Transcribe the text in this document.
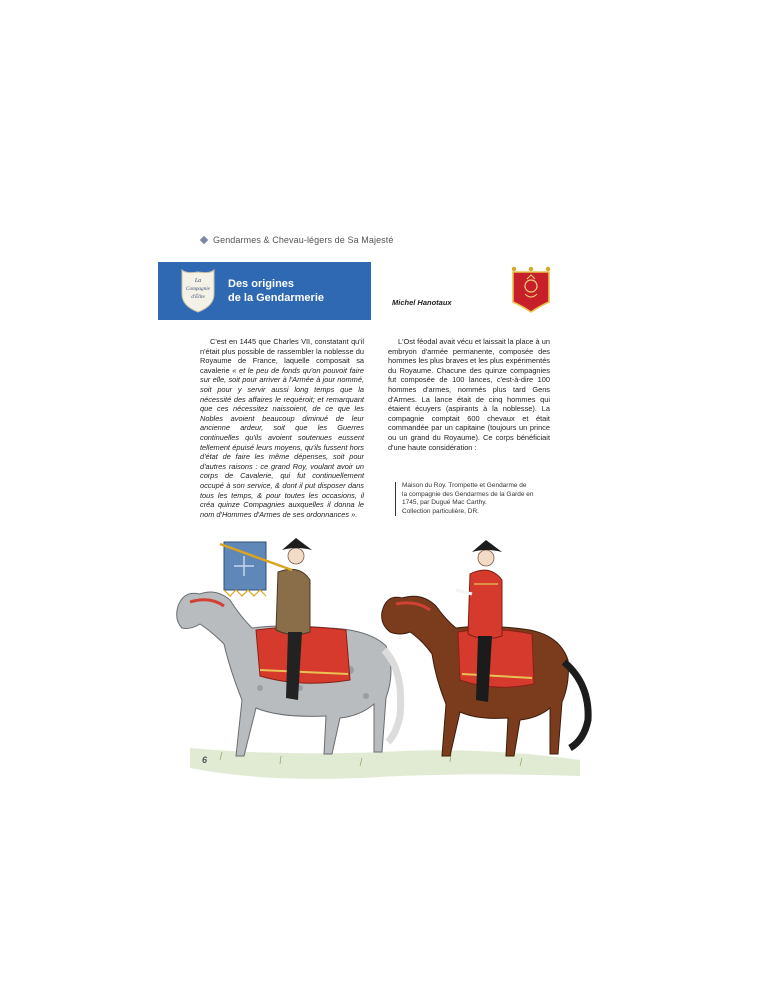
Gendarmes & Chevau-légers de Sa Majesté
La
Compagnie
d'Élite
Des origines
de la Gendarmerie	Michel Hanotaux

C'est en 1445 que Charles VII, constatant qu'il n'était plus possible de rassembler la noblesse du Royaume de France, laquelle composait sa cavalerie « et le peu de fonds qu'on pouvoit faire sur elle, soit pour arriver à l'Armée à jour nommé, soit pour y servir aussi long temps que la nécessité des affaires le requéroit; et remarquant que ces nécessitez naissoient, de ce que les Nobles avoient beaucoup diminué de leur ancienne ardeur, soit que les Guerres continuelles qu'ils avoient soutenues eussent tellement épuisé leurs moyens, qu'ils fussent hors d'état de faire les même dépenses, soit pour d'autres raisons : ce grand Roy, voulant avoir un corps de Cavalerie, qui fut continuellement occupé à son service, & dont il put disposer dans tous les temps, & pour toutes les occasions, il créa quinze Compagnies auxquelles il donna le nom d'Hommes d'Armes de ses ordonnances ».

L'Ost féodal avait vécu et laissait la place à un embryon d'armée permanente, composée des hommes les plus braves et les plus expérimentés du Royaume. Chacune des quinze compagnies fut composée de 100 lances, c'est-à-dire 100 hommes d'armes, nommés plus tard Gens d'Armes. La lance était de cinq hommes qui étaient écuyers (aspirants à la noblesse). La compagnie comptait 600 chevaux et était commandée par un capitaine (toujours un prince ou un grand du Royaume). Ce corps bénéficiait d'une haute considération :

Maison du Roy. Trompette et Gendarme de
la compagnie des Gendarmes de la Garde en
1745, par Dugué Mac Carthy.
Collection particulière, DR.
6
